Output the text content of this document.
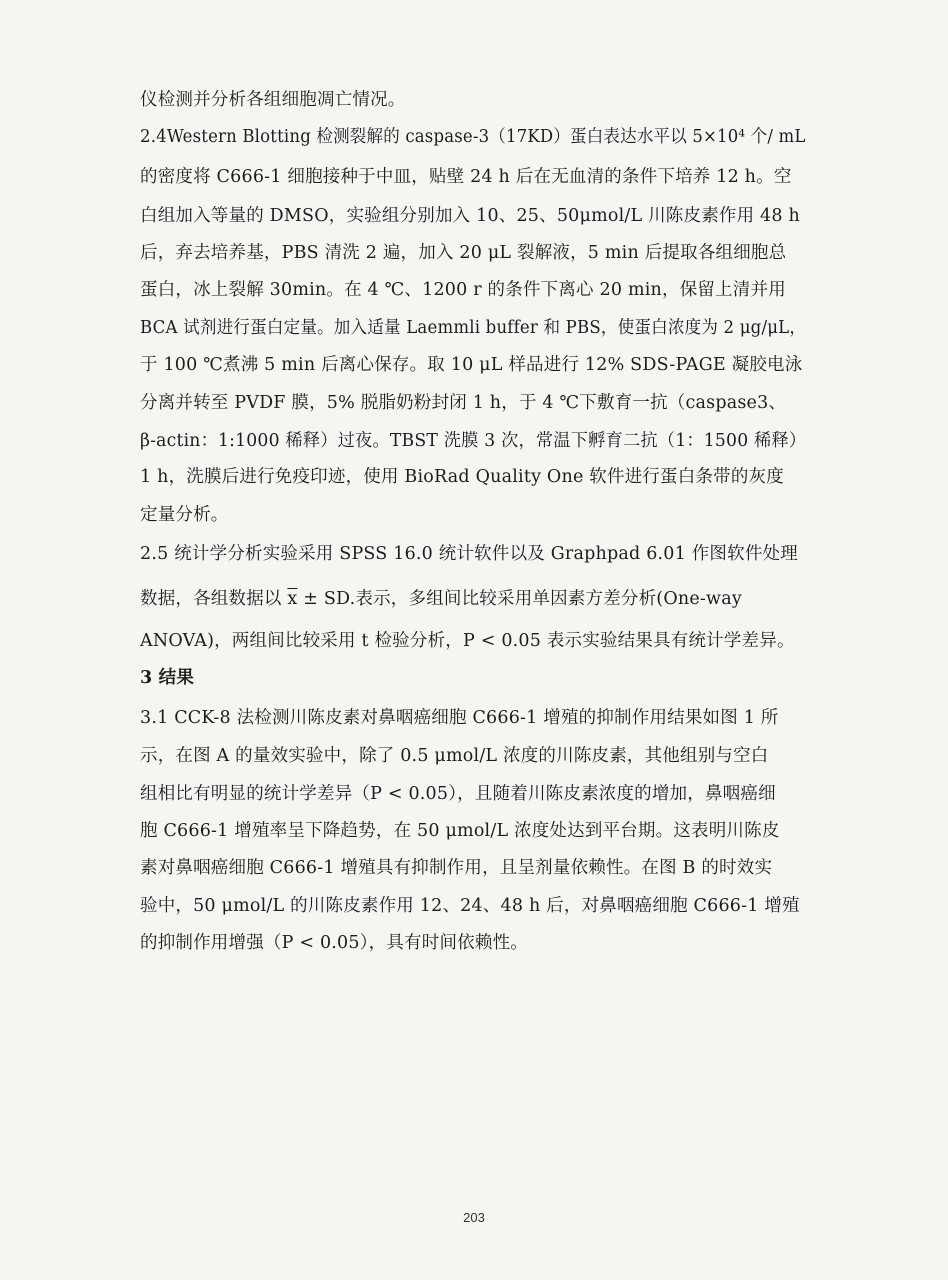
仪检测并分析各组细胞凋亡情况。
2.4Western Blotting 检测裂解的 caspase-3（17KD）蛋白表达水平以 5×10⁴ 个/ mL
的密度将 C666-1 细胞接种于中皿，贴壁 24 h 后在无血清的条件下培养 12 h。空
白组加入等量的 DMSO，实验组分别加入 10、25、50μmol/L 川陈皮素作用 48 h
后，弃去培养基，PBS 清洗 2 遍，加入 20 μL 裂解液，5 min 后提取各组细胞总
蛋白，冰上裂解 30min。在 4 ℃、1200 r 的条件下离心 20 min，保留上清并用
BCA 试剂进行蛋白定量。加入适量 Laemmli buffer 和 PBS，使蛋白浓度为 2 μg/μL，
于 100 ℃煮沸 5 min 后离心保存。取 10 μL 样品进行 12% SDS-PAGE 凝胶电泳
分离并转至 PVDF 膜，5% 脱脂奶粉封闭 1 h，于 4 ℃下敷育一抗（caspase3、
β-actin：1:1000 稀释）过夜。TBST 洗膜 3 次，常温下孵育二抗（1：1500 稀释）
1 h，洗膜后进行免疫印迹，使用 BioRad Quality One 软件进行蛋白条带的灰度
定量分析。
2.5 统计学分析实验采用 SPSS 16.0 统计软件以及 Graphpad 6.01 作图软件处理
数据，各组数据以 $\overline{x}$ ± SD.表示，多组间比较采用单因素方差分析(One-way
ANOVA)，两组间比较采用 t 检验分析，P < 0.05 表示实验结果具有统计学差异。
3 结果
3.1 CCK-8 法检测川陈皮素对鼻咽癌细胞 C666-1 增殖的抑制作用结果如图 1 所
示，在图 A 的量效实验中，除了 0.5 μmol/L 浓度的川陈皮素，其他组别与空白
组相比有明显的统计学差异（P < 0.05），且随着川陈皮素浓度的增加，鼻咽癌细
胞 C666-1 增殖率呈下降趋势，在 50 μmol/L 浓度处达到平台期。这表明川陈皮
素对鼻咽癌细胞 C666-1 增殖具有抑制作用，且呈剂量依赖性。在图 B 的时效实
验中，50 μmol/L 的川陈皮素作用 12、24、48 h 后，对鼻咽癌细胞 C666-1 增殖
的抑制作用增强（P < 0.05），具有时间依赖性。
203
